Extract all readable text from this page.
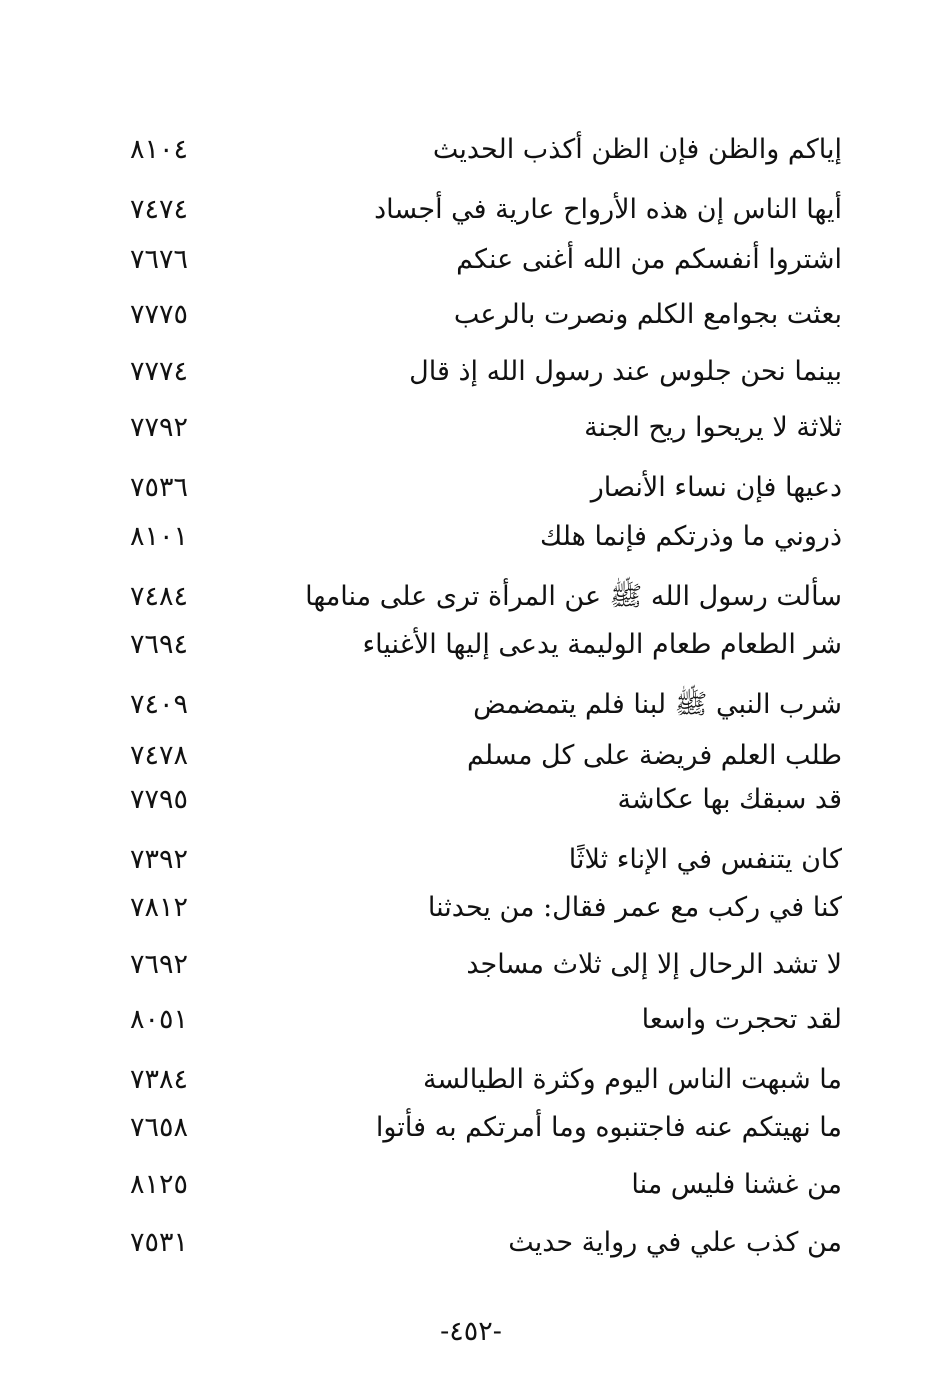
إياكم والظن فإن الظن أكذب الحديث
٨١٠٤
أيها الناس إن هذه الأرواح عارية في أجساد
٧٤٧٤
اشتروا أنفسكم من الله أغنى عنكم
٧٦٧٦
بعثت بجوامع الكلم ونصرت بالرعب
٧٧٧٥
بينما نحن جلوس عند رسول الله إذ قال
٧٧٧٤
ثلاثة لا يريحوا ريح الجنة
٧٧٩٢
دعيها فإن نساء الأنصار
٧٥٣٦
ذروني ما وذرتكم فإنما هلك
٨١٠١
سألت رسول الله ﷺ عن المرأة ترى على منامها
٧٤٨٤
شر الطعام طعام الوليمة يدعى إليها الأغنياء
٧٦٩٤
شرب النبي ﷺ لبنا فلم يتمضمض
٧٤٠٩
طلب العلم فريضة على كل مسلم
٧٤٧٨
قد سبقك بها عكاشة
٧٧٩٥
كان يتنفس في الإناء ثلاثًا
٧٣٩٢
كنا في ركب مع عمر فقال: من يحدثنا
٧٨١٢
لا تشد الرحال إلا إلى ثلاث مساجد
٧٦٩٢
لقد تحجرت واسعا
٨٠٥١
ما شبهت الناس اليوم وكثرة الطيالسة
٧٣٨٤
ما نهيتكم عنه فاجتنبوه وما أمرتكم به فأتوا
٧٦٥٨
من غشنا فليس منا
٨١٢٥
من كذب علي في رواية حديث
٧٥٣١
-٤٥٢-
